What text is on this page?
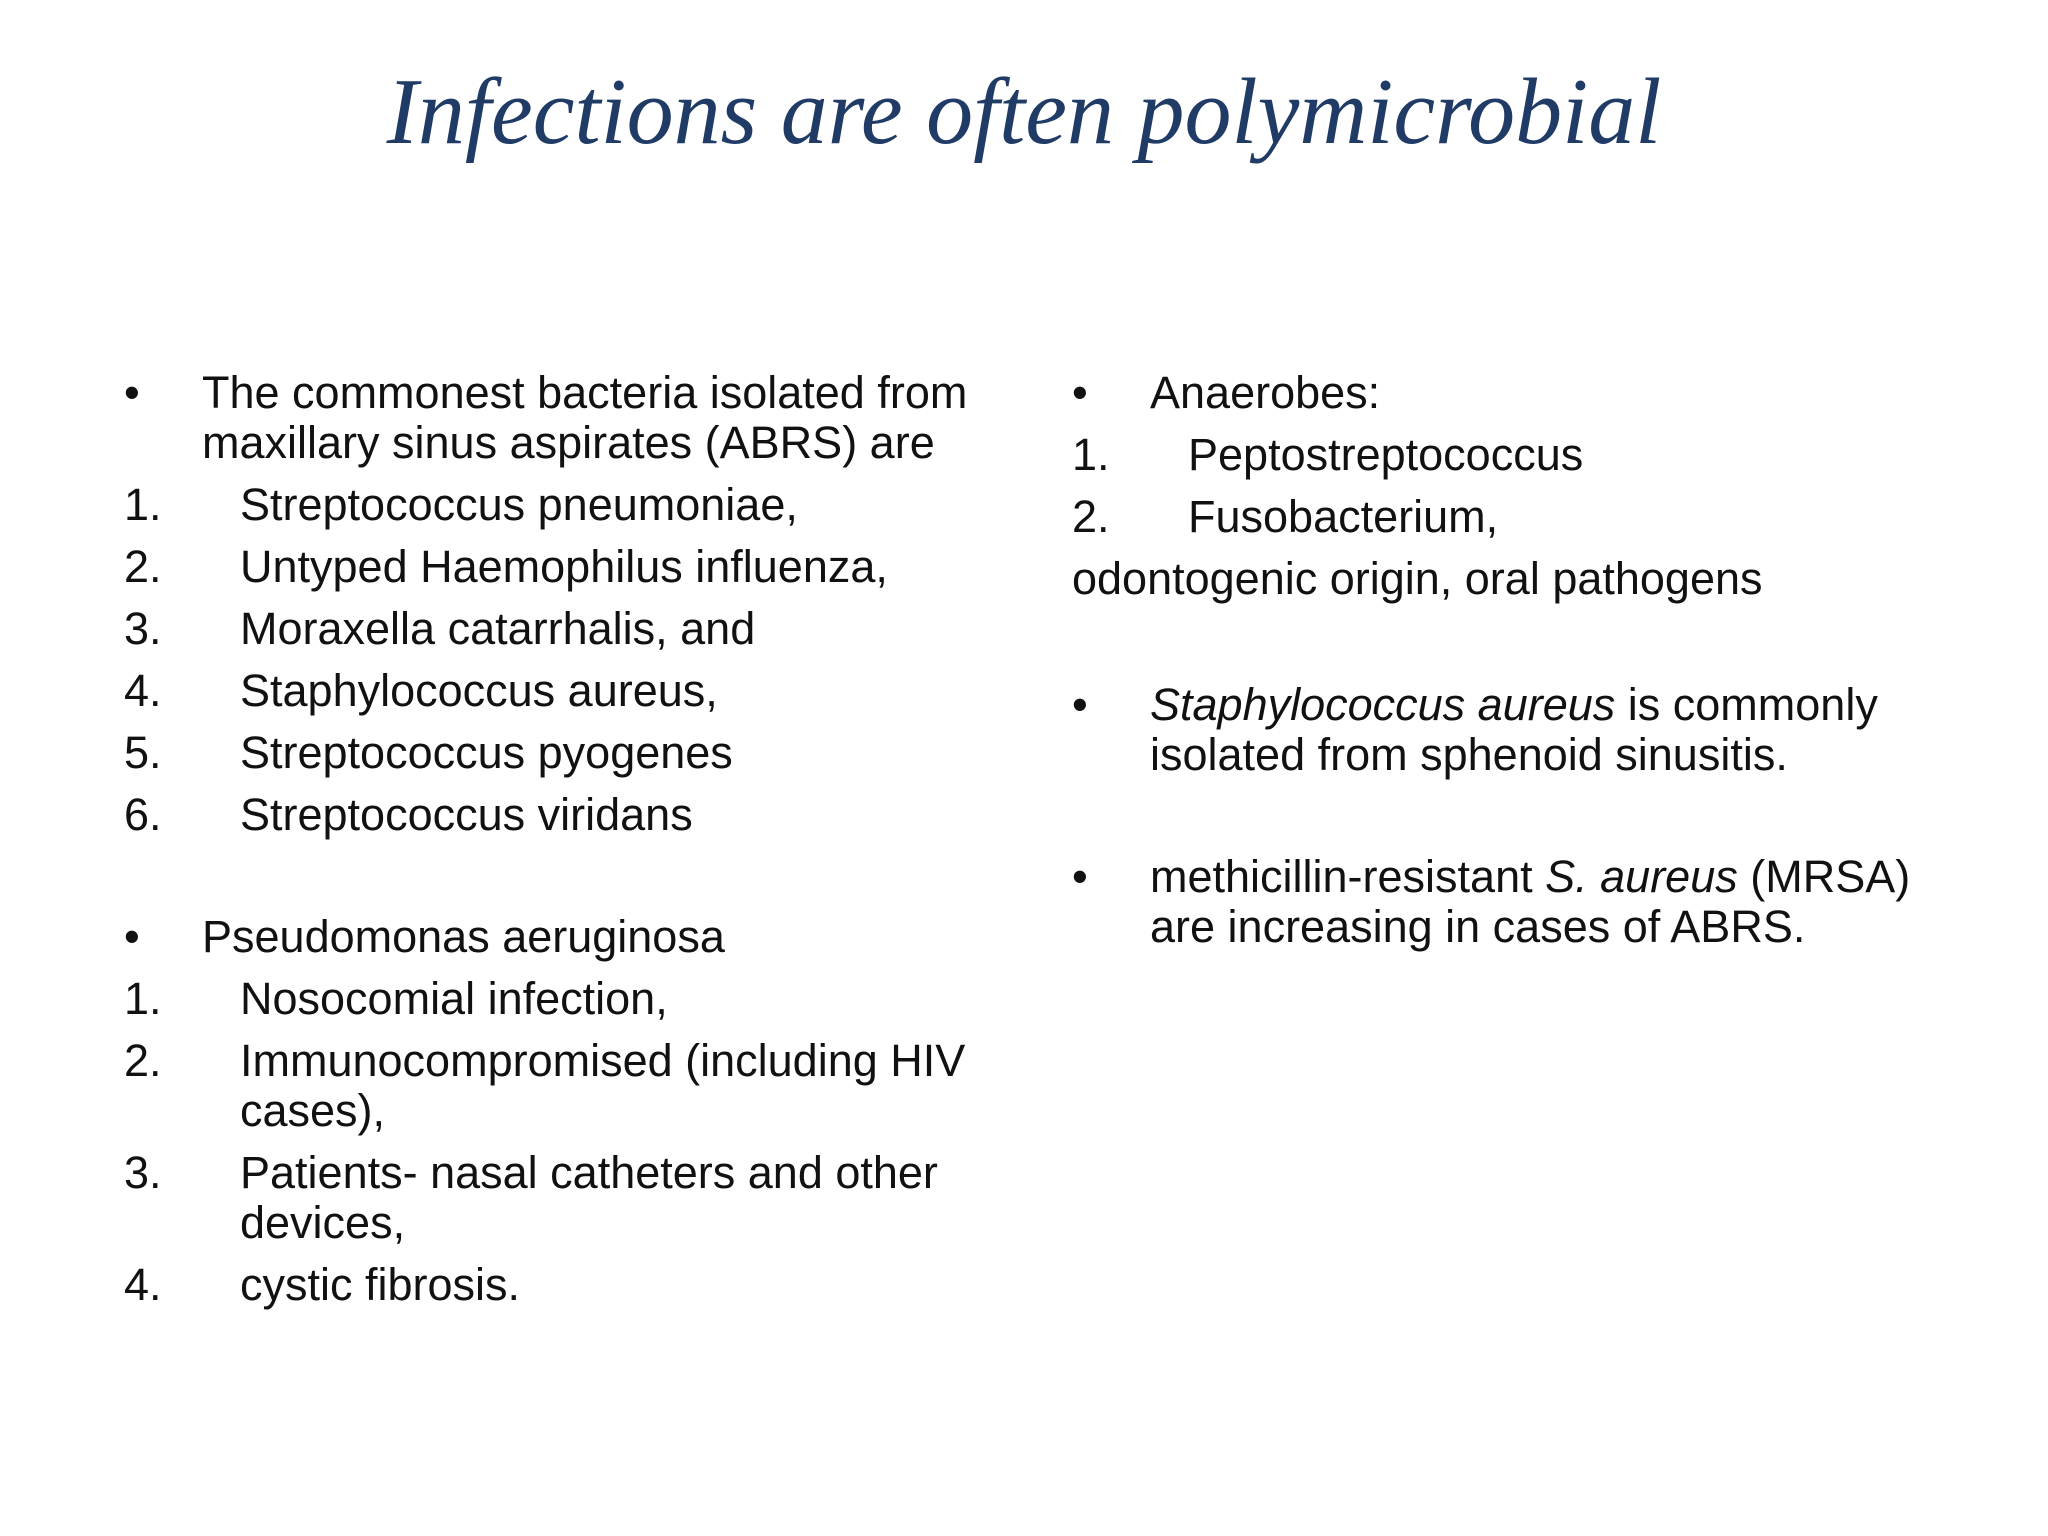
Infections are often polymicrobial

•	The commonest bacteria isolated from maxillary sinus aspirates (ABRS) are

1.	Streptococcus pneumoniae,

2.	Untyped Haemophilus influenza,

3.	Moraxella catarrhalis, and

4.	Staphylococcus aureus,

5.	Streptococcus pyogenes

6.	Streptococcus viridans

•	Pseudomonas aeruginosa

1.	Nosocomial infection,

2.	Immunocompromised (including HIV cases),

3.	Patients- nasal catheters and other devices,

4.	cystic fibrosis.

•	Anaerobes:

1.	Peptostreptococcus

2.	Fusobacterium,

odontogenic origin, oral pathogens

•	Staphylococcus aureus is commonly isolated from sphenoid sinusitis.

•	methicillin-resistant S. aureus (MRSA) are increasing in cases of ABRS.
